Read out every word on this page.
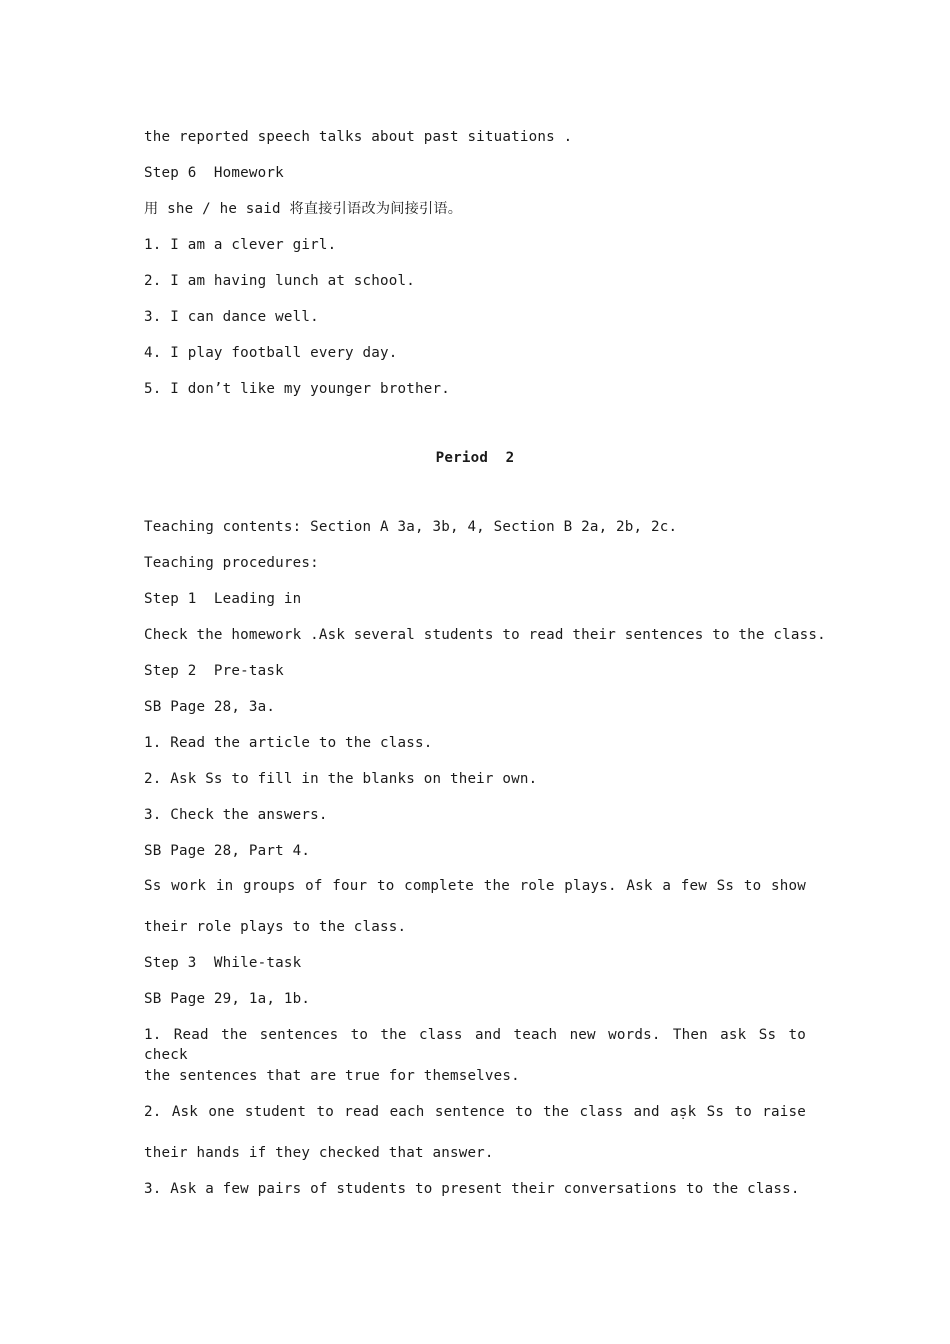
the reported speech talks about past situations .
Step 6  Homework
用 she / he said 将直接引语改为间接引语。
1. I am a clever girl.
2. I am having lunch at school.
3. I can dance well.
4. I play football every day.
5. I don’t like my younger brother.
Period  2
Teaching contents: Section A 3a, 3b, 4, Section B 2a, 2b, 2c.
Teaching procedures:
Step 1  Leading in
Check the homework .Ask several students to read their sentences to the class.
Step 2  Pre-task
SB Page 28, 3a.
1. Read the article to the class.
2. Ask Ss to fill in the blanks on their own.
3. Check the answers.
SB Page 28, Part 4.
Ss work in groups of four to complete the role plays. Ask a few Ss to show
their role plays to the class.
Step 3  While-task
SB Page 29, 1a, 1b.
1. Read the sentences to the class and teach new words. Then ask Ss to check
the sentences that are true for themselves.
2. Ask one student to read each sentence to the class and aṣk Ss to raise
their hands if they checked that answer.
3. Ask a few pairs of students to present their conversations to the class.
